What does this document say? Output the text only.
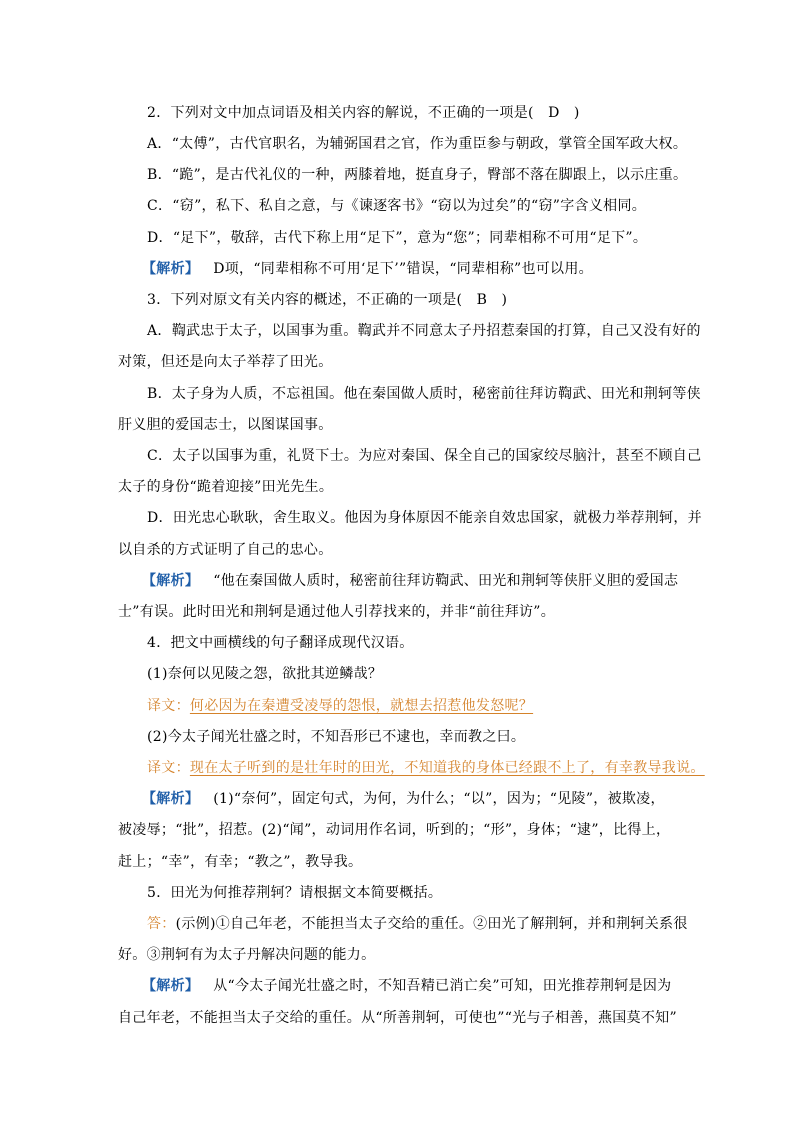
2．下列对文中加点词语及相关内容的解说，不正确的一项是(　D　)
A．“太傅”，古代官职名，为辅弼国君之官，作为重臣参与朝政，掌管全国军政大权。
B．“跪”，是古代礼仪的一种，两膝着地，挺直身子，臀部不落在脚跟上，以示庄重。
C．“窃”，私下、私自之意，与《谏逐客书》“窃以为过矣”的“窃”字含义相同。
D．“足下”，敬辞，古代下称上用“足下”，意为“您”；同辈相称不可用“足下”。
【解析】 D项，“同辈相称不可用‘足下’”错误，“同辈相称”也可以用。
3．下列对原文有关内容的概述，不正确的一项是(　B　)
A．鞫武忠于太子，以国事为重。鞫武并不同意太子丹招惹秦国的打算，自己又没有好的
对策，但还是向太子举荐了田光。
B．太子身为人质，不忘祖国。他在秦国做人质时，秘密前往拜访鞫武、田光和荆轲等侠
肝义胆的爱国志士，以图谋国事。
C．太子以国事为重，礼贤下士。为应对秦国、保全自己的国家绞尽脑汁，甚至不顾自己
太子的身份“跪着迎接”田光先生。
D．田光忠心耿耿，舍生取义。他因为身体原因不能亲自效忠国家，就极力举荐荆轲，并
以自杀的方式证明了自己的忠心。
【解析】 “他在秦国做人质时，秘密前往拜访鞫武、田光和荆轲等侠肝义胆的爱国志
士”有误。此时田光和荆轲是通过他人引荐找来的，并非“前往拜访”。
4．把文中画横线的句子翻译成现代汉语。
(1)奈何以见陵之怨，欲批其逆鳞哉？
译文：何必因为在秦遭受凌辱的怨恨，就想去招惹他发怒呢？
(2)今太子闻光壮盛之时，不知吾形已不逮也，幸而教之曰。
译文：现在太子听到的是壮年时的田光，不知道我的身体已经跟不上了，有幸教导我说。
【解析】 (1)“奈何”，固定句式，为何，为什么；“以”，因为；“见陵”，被欺凌，
被凌辱；“批”，招惹。(2)“闻”，动词用作名词，听到的；“形”，身体；“逮”，比得上，
赶上；“幸”，有幸；“教之”，教导我。
5．田光为何推荐荆轲？请根据文本简要概括。
答：(示例)①自己年老，不能担当太子交给的重任。②田光了解荆轲，并和荆轲关系很
好。③荆轲有为太子丹解决问题的能力。
【解析】 从“今太子闻光壮盛之时，不知吾精已消亡矣”可知，田光推荐荆轲是因为
自己年老，不能担当太子交给的重任。从“所善荆轲，可使也”“光与子相善，燕国莫不知”
